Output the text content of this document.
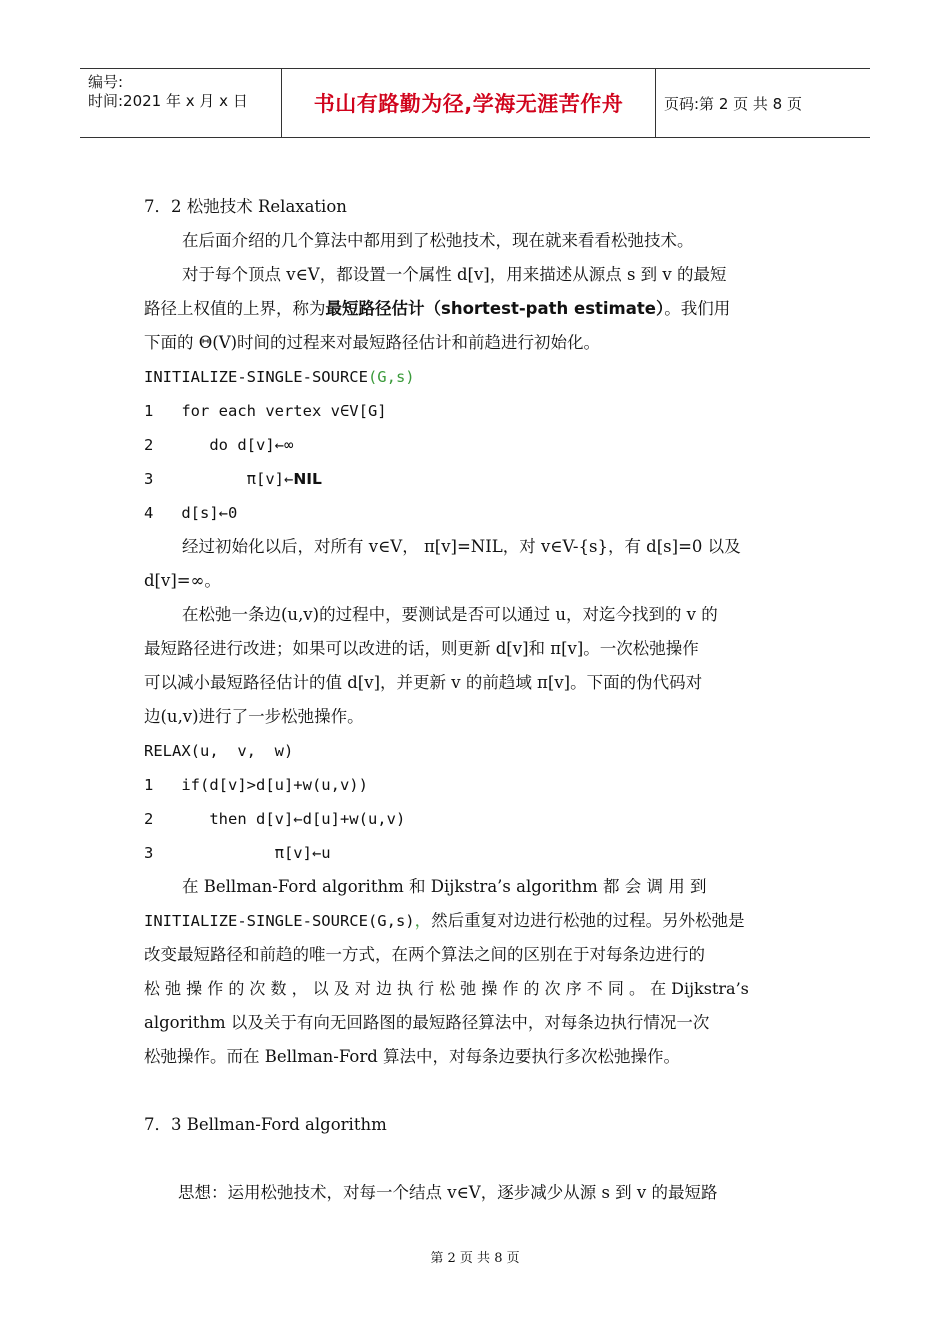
编号:
时间:2021 年 x 月 x 日	书山有路勤为径,学海无涯苦作舟	页码:第 2 页 共 8 页
7．2 松弛技术 Relaxation
在后面介绍的几个算法中都用到了松弛技术，现在就来看看松弛技术。
对于每个顶点 v∈V，都设置一个属性 d[v]，用来描述从源点 s 到 v 的最短
路径上权值的上界，称为最短路径估计（shortest-path estimate）。我们用
下面的 Θ(V)时间的过程来对最短路径估计和前趋进行初始化。
INITIALIZE-SINGLE-SOURCE(G,s)
1   for each vertex v∈V[G]
2      do d[v]←∞
3          π[v]←NIL
4   d[s]←0
经过初始化以后，对所有 v∈V， π[v]=NIL，对 v∈V-{s}，有 d[s]=0 以及
d[v]=∞。
在松弛一条边(u,v)的过程中，要测试是否可以通过 u，对迄今找到的 v 的
最短路径进行改进；如果可以改进的话，则更新 d[v]和 π[v]。一次松弛操作
可以减小最短路径估计的值 d[v]，并更新 v 的前趋域 π[v]。下面的伪代码对
边(u,v)进行了一步松弛操作。
RELAX(u,  v,  w)
1   if(d[v]>d[u]+w(u,v))
2      then d[v]←d[u]+w(u,v)
3             π[v]←u
在 Bellman-Ford algorithm 和 Dijkstra’s algorithm 都 会 调 用 到
INITIALIZE-SINGLE-SOURCE(G,s)，然后重复对边进行松弛的过程。另外松弛是
改变最短路径和前趋的唯一方式，在两个算法之间的区别在于对每条边进行的
松 弛 操 作 的 次 数 ， 以 及 对 边 执 行 松 弛 操 作 的 次 序 不 同 。 在 Dijkstra’s
algorithm 以及关于有向无回路图的最短路径算法中，对每条边执行情况一次
松弛操作。而在 Bellman-Ford 算法中，对每条边要执行多次松弛操作。
7．3 Bellman-Ford algorithm
思想：运用松弛技术，对每一个结点 v∈V，逐步减少从源 s 到 v 的最短路
第 2 页 共 8 页
